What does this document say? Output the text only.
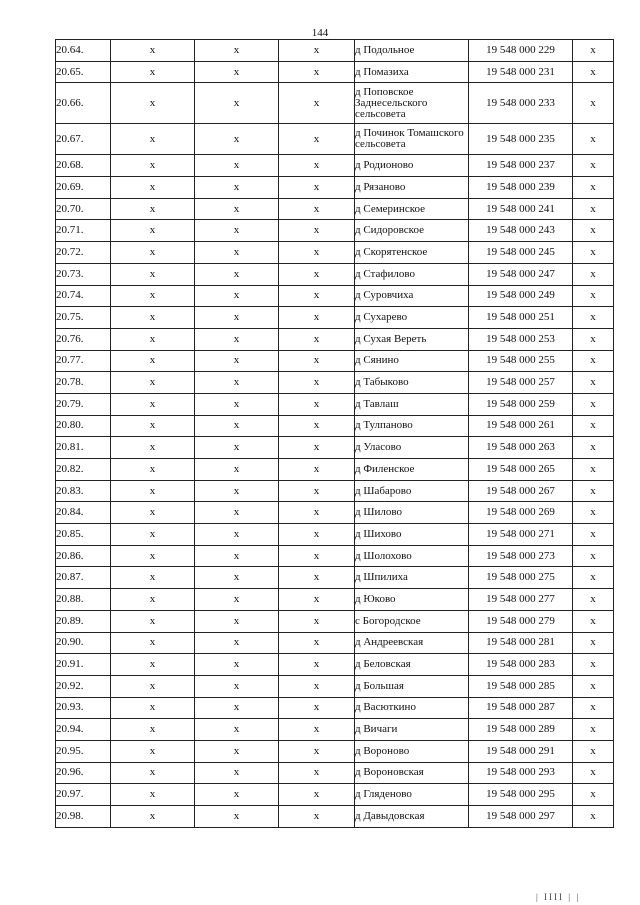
144
20.64.	x	x	x	д Подольное	19 548 000 229	x
20.65.	x	x	x	д Помазиха	19 548 000 231	x
20.66.	x	x	x	д Поповское Заднесельского сельсовета	19 548 000 233	x
20.67.	x	x	x	д Починок Томашского сельсовета	19 548 000 235	x
20.68.	x	x	x	д Родионово	19 548 000 237	x
20.69.	x	x	x	д Рязаново	19 548 000 239	x
20.70.	x	x	x	д Семеринское	19 548 000 241	x
20.71.	x	x	x	д Сидоровское	19 548 000 243	x
20.72.	x	x	x	д Скорятенское	19 548 000 245	x
20.73.	x	x	x	д Стафилово	19 548 000 247	x
20.74.	x	x	x	д Суровчиха	19 548 000 249	x
20.75.	x	x	x	д Сухарево	19 548 000 251	x
20.76.	x	x	x	д Сухая Вереть	19 548 000 253	x
20.77.	x	x	x	д Сянино	19 548 000 255	x
20.78.	x	x	x	д Табыково	19 548 000 257	x
20.79.	x	x	x	д Тавлаш	19 548 000 259	x
20.80.	x	x	x	д Тулпаново	19 548 000 261	x
20.81.	x	x	x	д Уласово	19 548 000 263	x
20.82.	x	x	x	д Филенское	19 548 000 265	x
20.83.	x	x	x	д Шабарово	19 548 000 267	x
20.84.	x	x	x	д Шилово	19 548 000 269	x
20.85.	x	x	x	д Шихово	19 548 000 271	x
20.86.	x	x	x	д Шолохово	19 548 000 273	x
20.87.	x	x	x	д Шпилиха	19 548 000 275	x
20.88.	x	x	x	д Юково	19 548 000 277	x
20.89.	x	x	x	с Богородское	19 548 000 279	x
20.90.	x	x	x	д Андреевская	19 548 000 281	x
20.91.	x	x	x	д Беловская	19 548 000 283	x
20.92.	x	x	x	д Большая	19 548 000 285	x
20.93.	x	x	x	д Васюткино	19 548 000 287	x
20.94.	x	x	x	д Вичаги	19 548 000 289	x
20.95.	x	x	x	д Вороново	19 548 000 291	x
20.96.	x	x	x	д Вороновская	19 548 000 293	x
20.97.	x	x	x	д Гляденово	19 548 000 295	x
20.98.	x	x	x	д Давыдовская	19 548 000 297	x
| IIII | |
